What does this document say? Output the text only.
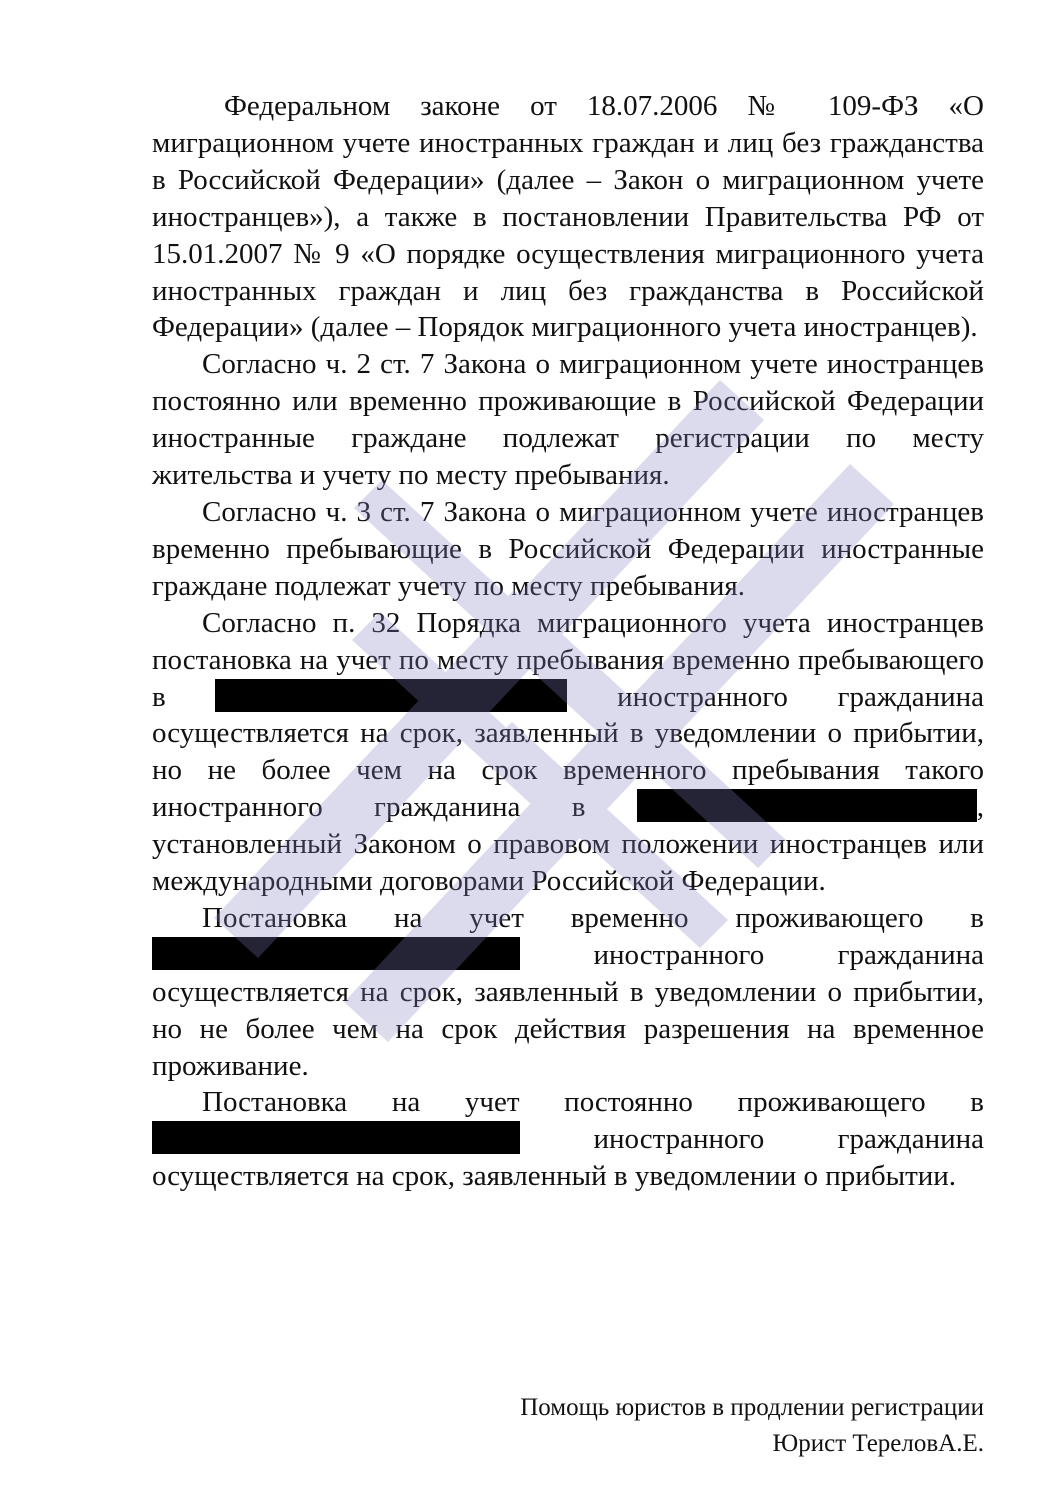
Федеральном законе от 18.07.2006 № 109-ФЗ «О миграционном учете иностранных граждан и лиц без гражданства в Российской Федерации» (далее – Закон о миграционном учете иностранцев»), а также в постановлении Правительства РФ от 15.01.2007 № 9 «О порядке осуществления миграционного учета иностранных граждан и лиц без гражданства в Российской Федерации» (далее – Порядок миграционного учета иностранцев).

Согласно ч. 2 ст. 7 Закона о миграционном учете иностранцев постоянно или временно проживающие в Российской Федерации иностранные граждане подлежат регистрации по месту жительства и учету по месту пребывания.

Согласно ч. 3 ст. 7 Закона о миграционном учете иностранцев временно пребывающие в Российской Федерации иностранные граждане подлежат учету по месту пребывания.

Согласно п. 32 Порядка миграционного учета иностранцев постановка на учет по месту пребывания временно пребывающего в	иностранного гражданина осуществляется на срок, заявленный в уведомлении о прибытии, но не более чем на срок временного пребывания такого иностранного гражданина в	, установленный Законом о правовом положении иностранцев или международными договорами Российской Федерации.

Постановка на учет временно проживающего в  иностранного гражданина осуществляется на срок, заявленный в уведомлении о прибытии, но не более чем на срок действия разрешения на временное проживание.

Постановка на учет постоянно проживающего в  иностранного гражданина осуществляется на срок, заявленный в уведомлении о прибытии.

Помощь юристов в продлении регистрации
Юрист ТереловА.Е.
